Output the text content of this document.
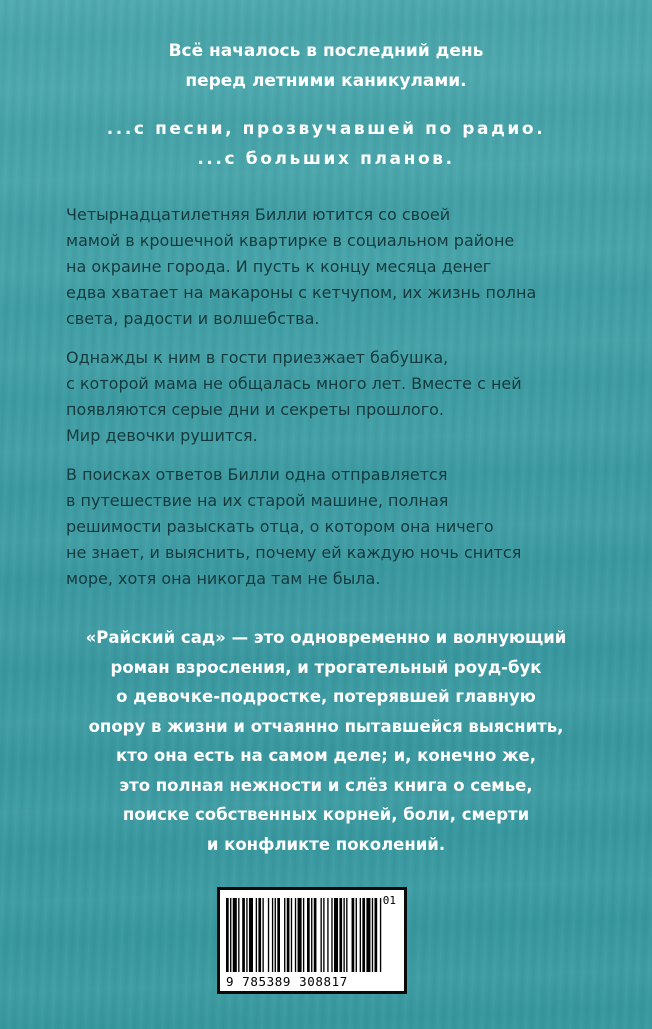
Всё началось в последний день
перед летними каникулами.
...с песни, прозвучавшей по радио.
...с больших планов.

Четырнадцатилетняя Билли ютится со своей
мамой в крошечной квартирке в социальном районе
на окраине города. И пусть к концу месяца денег
едва хватает на макароны с кетчупом, их жизнь полна
света, радости и волшебства.

Однажды к ним в гости приезжает бабушка,
с которой мама не общалась много лет. Вместе с ней
появляются серые дни и секреты прошлого.
Мир девочки рушится.

В поисках ответов Билли одна отправляется
в путешествие на их старой машине, полная
решимости разыскать отца, о котором она ничего
не знает, и выяснить, почему ей каждую ночь снится
море, хотя она никогда там не была.

«Райский сад» — это одновременно и волнующий
роман взросления, и трогательный роуд-бук
о девочке-подростке, потерявшей главную
опору в жизни и отчаянно пытавшейся выяснить,
кто она есть на самом деле; и, конечно же,
это полная нежности и слёз книга о семье,
поиске собственных корней, боли, смерти
и конфликте поколений.

01
9 785389 308817
